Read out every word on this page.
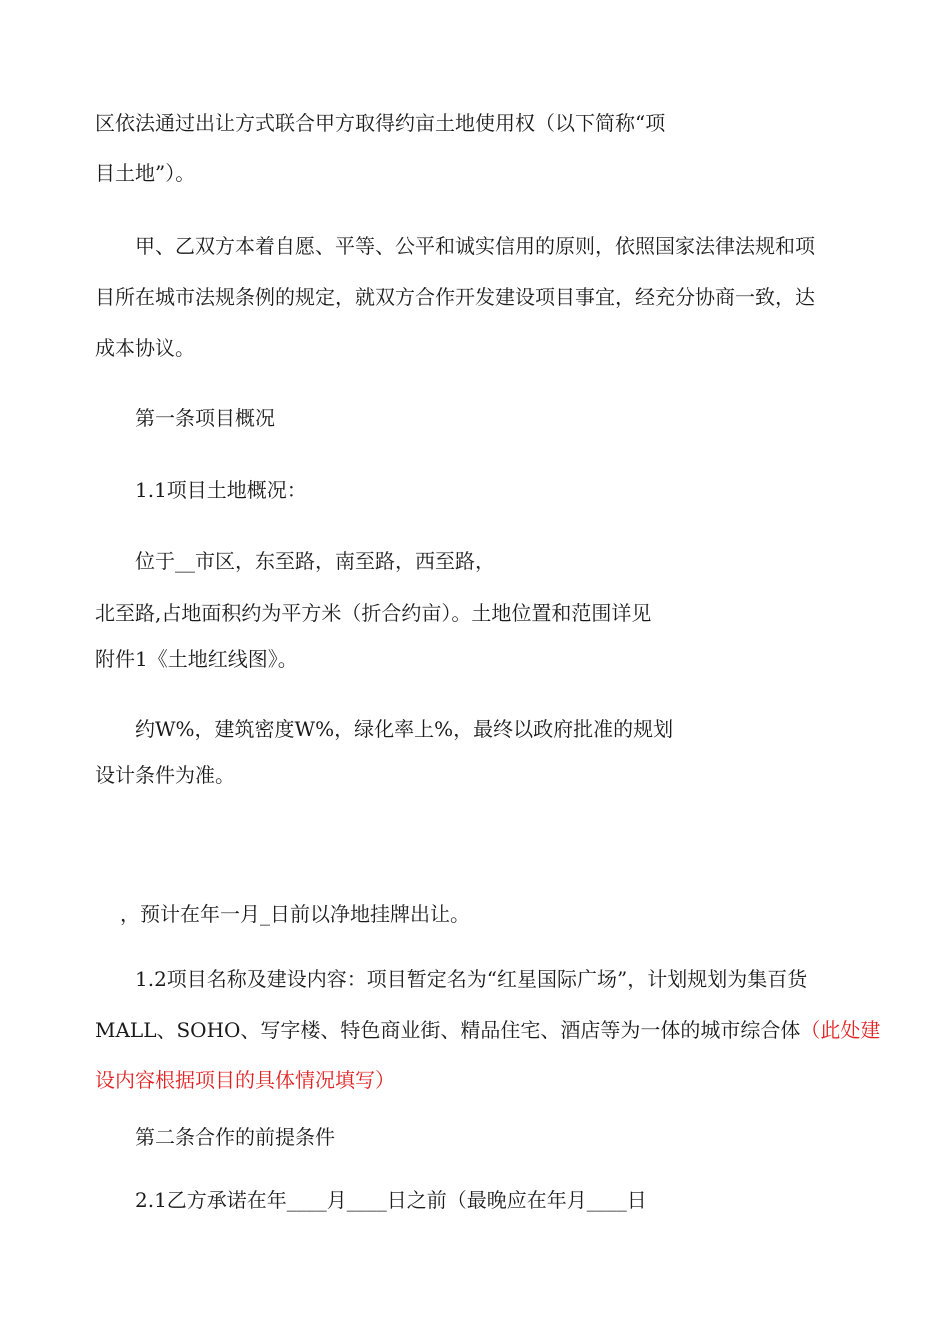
区依法通过出让方式联合甲方取得约亩土地使用权（以下简称“项
目土地”）。
甲、乙双方本着自愿、平等、公平和诚实信用的原则，依照国家法律法规和项
目所在城市法规条例的规定，就双方合作开发建设项目事宜，经充分协商一致，达
成本协议。
第一条项目概况
1.1项目土地概况：
位于__市区，东至路，南至路，西至路，
北至路,占地面积约为平方米（折合约亩）。土地位置和范围详见
附件1《土地红线图》。
约W%，建筑密度W%，绿化率上%，最终以政府批准的规划
设计条件为准。
，预计在年一月_日前以净地挂牌出让。
1.2项目名称及建设内容：项目暂定名为“红星国际广场”，计划规划为集百货
MALL、SOHO、写字楼、特色商业街、精品住宅、酒店等为一体的城市综合体（此处建
设内容根据项目的具体情况填写）
第二条合作的前提条件
2.1乙方承诺在年____月____日之前（最晚应在年月____日
